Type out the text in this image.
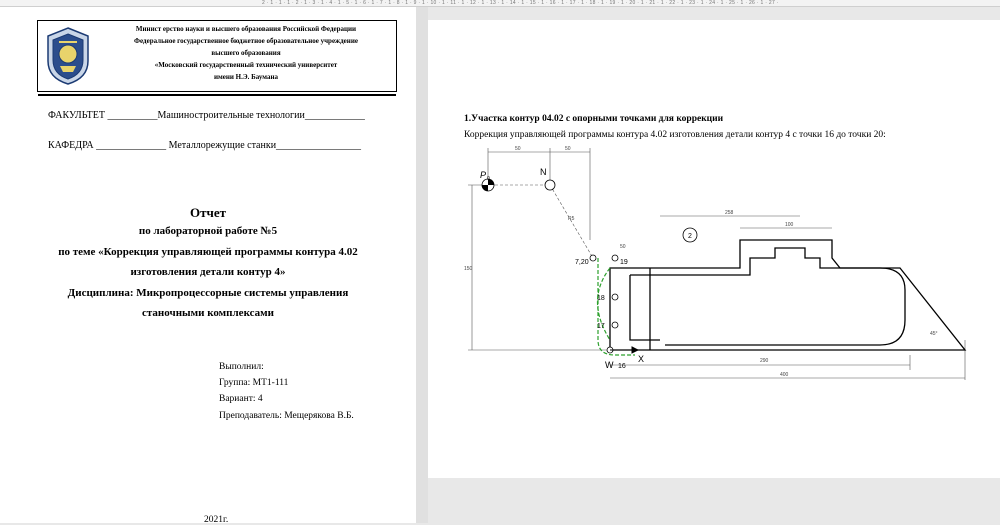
2 · 1 · 1 · 1 · 2 · 1 · 3 · 1 · 4 · 1 · 5 · 1 · 6 · 1 · 7 · 1 · 8 · 1 · 9 · 1 · 10 · 1 · 11 · 1 · 12 · 1 · 13 · 1 · 14 · 1 · 15 · 1 · 16 · 1 · 17 · 1 · 18 · 1 · 19 · 1 · 20 · 1 · 21 · 1 · 22 · 1 · 23 · 1 · 24 · 1 · 25 · 1 · 26 · 1 · 27 ·
Минист ерство науки и высшего образования Российской Федерации
Федеральное государственное бюджетное образовательное учреждение
высшего образования
«Московский государственный технический университет
имени Н.Э. Баумана
ФАКУЛЬТЕТ __________Машиностроительные технологии____________
КАФЕДРА ______________ Металлорежущие станки_________________
Отчет
по лабораторной работе №5
по теме «Коррекция управляющей программы контура 4.02
изготовления детали контур 4»
Дисциплина: Микропроцессорные системы управления
станочными комплексами
Выполнил:
Группа: МТ1-111
Вариант: 4
Преподаватель: Мещерякова В.Б.
2021г.
1.Участка контур 04.02 с опорными точками для коррекции
Коррекция управляющей программы контура 4.02 изготовления детали контур 4 с точки 16 до точки 20:
P 0
N
7,20	19
18
17
16
W
X
2
50	50
150
R5
50
290
400
258
100
45°
